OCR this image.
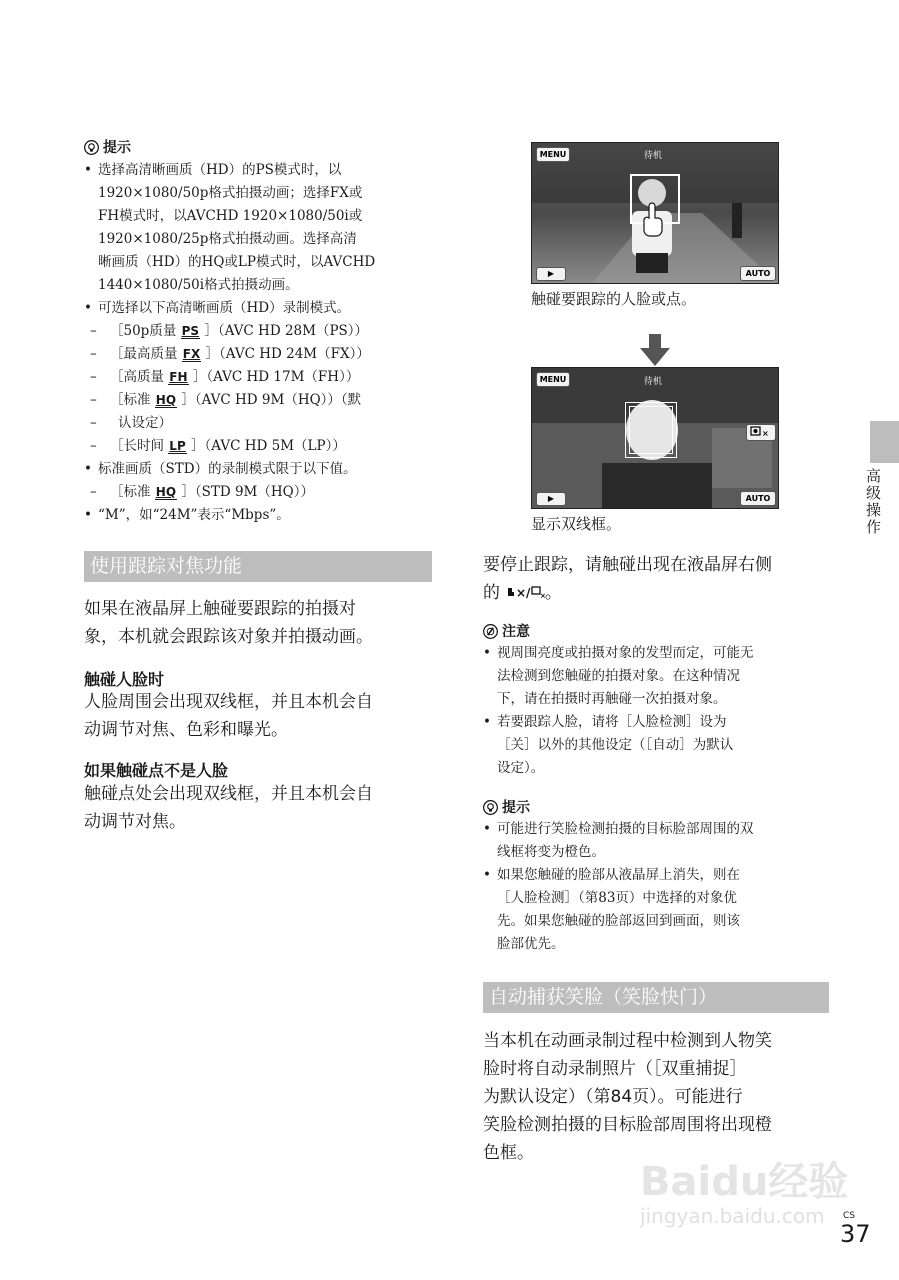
提示
• 选择高清晰画质（HD）的PS模式时，以
1920×1080/50p格式拍摄动画；选择FX或
FH模式时，以AVCHD 1920×1080/50i或
1920×1080/25p格式拍摄动画。选择高清
晰画质（HD）的HQ或LP模式时，以AVCHD
1440×1080/50i格式拍摄动画。
• 可选择以下高清晰画质（HD）录制模式。
– ［50p质量 PS ］（AVC HD 28M（PS））
– ［最高质量 FX ］（AVC HD 24M（FX））
– ［高质量 FH ］（AVC HD 17M（FH））
– ［标准 HQ ］（AVC HD 9M（HQ））（默
– 认设定）
– ［长时间 LP ］（AVC HD 5M（LP））
• 标准画质（STD）的录制模式限于以下值。
– ［标准 HQ ］（STD 9M（HQ））
• “M”，如“24M”表示“Mbps”。
使用跟踪对焦功能
如果在液晶屏上触碰要跟踪的拍摄对
象，本机就会跟踪该对象并拍摄动画。
触碰人脸时
人脸周围会出现双线框，并且本机会自
动调节对焦、色彩和曝光。
如果触碰点不是人脸
触碰点处会出现双线框，并且本机会自
动调节对焦。
MENU	待机
▶	AUTO
触碰要跟踪的人脸或点。
MENU	待机
×
▶	AUTO
显示双线框。
要停止跟踪，请触碰出现在液晶屏右侧
的 ×/ × 。
注意
• 视周围亮度或拍摄对象的发型而定，可能无
法检测到您触碰的拍摄对象。在这种情况
下，请在拍摄时再触碰一次拍摄对象。
• 若要跟踪人脸，请将［人脸检测］设为
［关］以外的其他设定（［自动］为默认
设定）。
提示
• 可能进行笑脸检测拍摄的目标脸部周围的双
线框将变为橙色。
• 如果您触碰的脸部从液晶屏上消失，则在
［人脸检测］（第83页）中选择的对象优
先。如果您触碰的脸部返回到画面，则该
脸部优先。
自动捕获笑脸（笑脸快门）
当本机在动画录制过程中检测到人物笑
脸时将自动录制照片（［双重捕捉］
为默认设定）（第84页）。可能进行
笑脸检测拍摄的目标脸部周围将出现橙
色框。
高级操作
Baidu经验
jingyan.baidu.com CS
37
